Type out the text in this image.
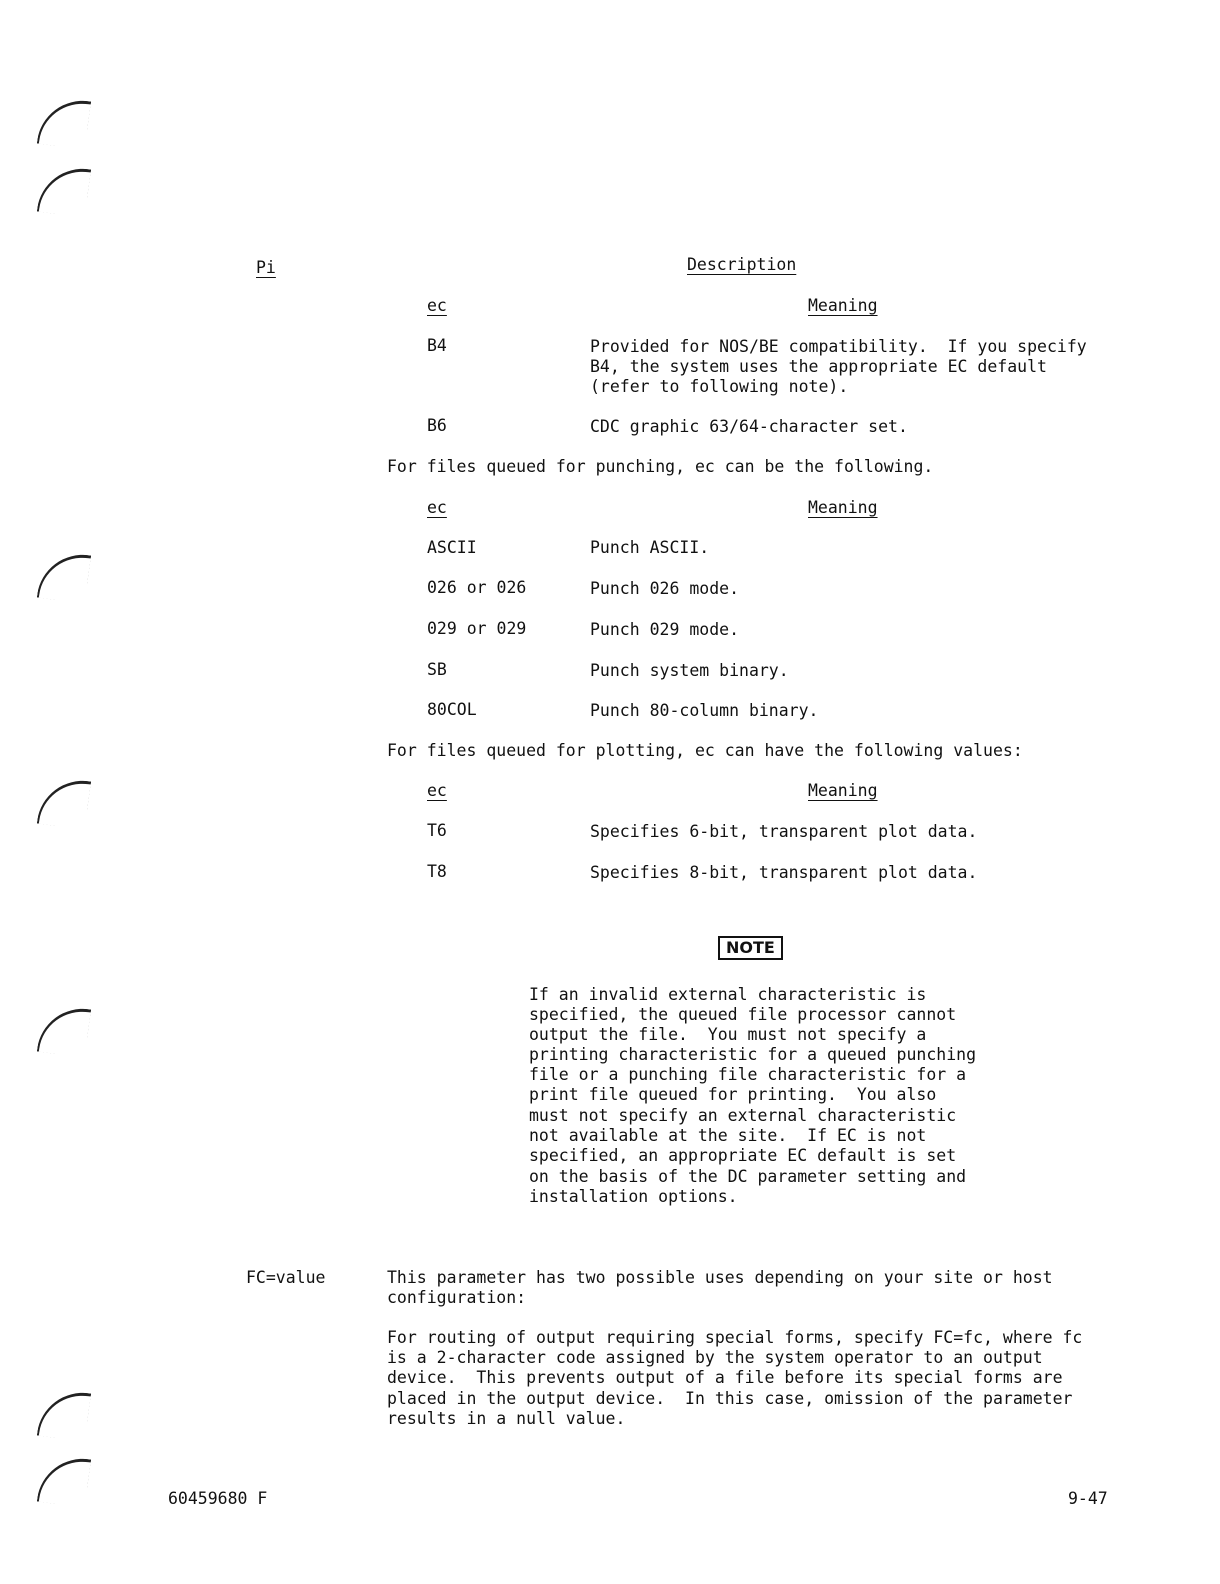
Pi	Description
ec	Meaning
B4	Provided for NOS/BE compatibility.  If you specify
B4, the system uses the appropriate EC default
(refer to following note).
B6	CDC graphic 63/64-character set.
For files queued for punching, ec can be the following.
ec	Meaning
ASCII	Punch ASCII.
026 or 026	Punch 026 mode.
029 or 029	Punch 029 mode.
SB	Punch system binary.
80COL	Punch 80-column binary.
For files queued for plotting, ec can have the following values:
ec	Meaning
T6	Specifies 6-bit, transparent plot data.
T8	Specifies 8-bit, transparent plot data.
NOTE
If an invalid external characteristic is
specified, the queued file processor cannot
output the file.  You must not specify a
printing characteristic for a queued punching
file or a punching file characteristic for a
print file queued for printing.  You also
must not specify an external characteristic
not available at the site.  If EC is not
specified, an appropriate EC default is set
on the basis of the DC parameter setting and
installation options.
FC=value	This parameter has two possible uses depending on your site or host
configuration:
For routing of output requiring special forms, specify FC=fc, where fc
is a 2-character code assigned by the system operator to an output
device.  This prevents output of a file before its special forms are
placed in the output device.  In this case, omission of the parameter
results in a null value.
60459680 F	9-47
